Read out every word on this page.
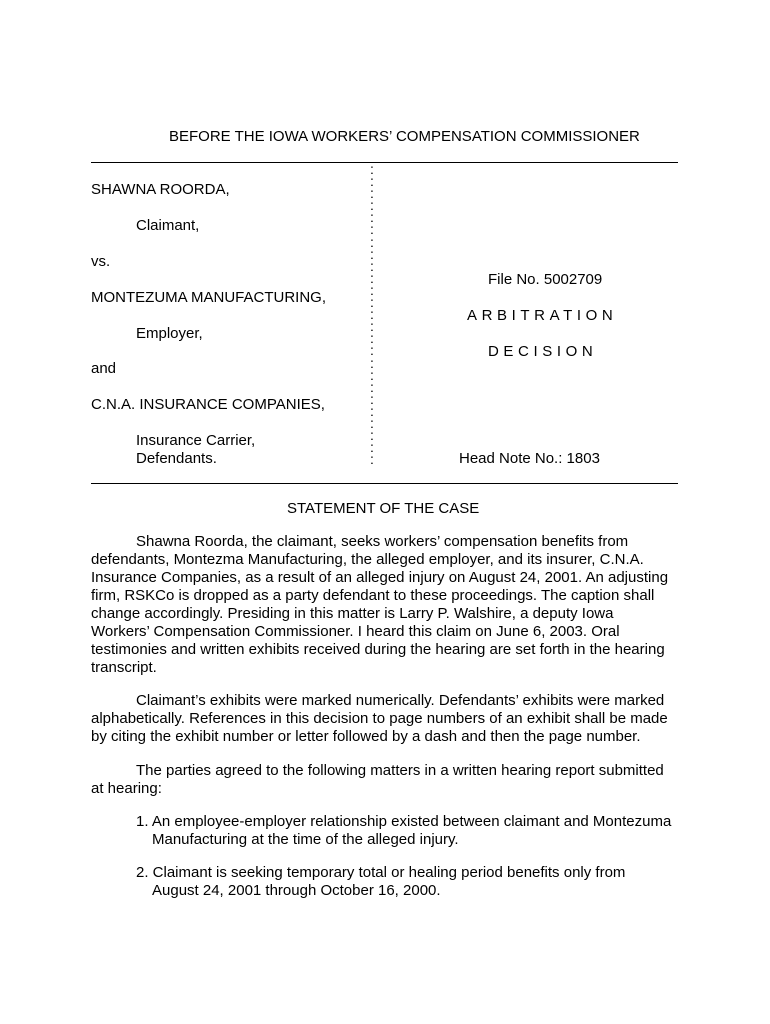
BEFORE THE IOWA WORKERS’ COMPENSATION COMMISSIONER
SHAWNA ROORDA,
Claimant,
vs.
MONTEZUMA MANUFACTURING,
Employer,
and
C.N.A. INSURANCE COMPANIES,
Insurance Carrier,
Defendants.
:
:
:
:
:
:
:
:
:
:
:
:
:
:
:
:
:
:
:
:
:
:
:
:
:
File No. 5002709
ARBITRATION
DECISION
Head Note No.: 1803
STATEMENT OF THE CASE
Shawna Roorda, the claimant, seeks workers’ compensation benefits from
defendants, Montezma Manufacturing, the alleged employer, and its insurer, C.N.A.
Insurance Companies, as a result of an alleged injury on August 24, 2001. An adjusting
firm, RSKCo is dropped as a party defendant to these proceedings. The caption shall
change accordingly. Presiding in this matter is Larry P. Walshire, a deputy Iowa
Workers’ Compensation Commissioner. I heard this claim on June 6, 2003. Oral
testimonies and written exhibits received during the hearing are set forth in the hearing
transcript.
Claimant’s exhibits were marked numerically. Defendants’ exhibits were marked
alphabetically. References in this decision to page numbers of an exhibit shall be made
by citing the exhibit number or letter followed by a dash and then the page number.
The parties agreed to the following matters in a written hearing report submitted
at hearing:
1. An employee-employer relationship existed between claimant and Montezuma
Manufacturing at the time of the alleged injury.
2. Claimant is seeking temporary total or healing period benefits only from
August 24, 2001 through October 16, 2000.
